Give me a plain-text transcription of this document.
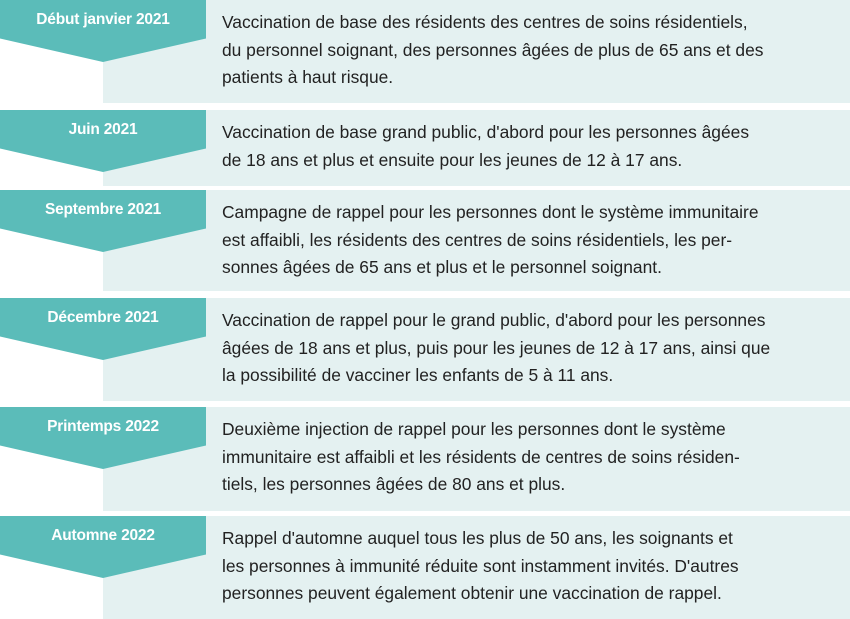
Début janvier 2021	Vaccination de base des résidents des centres de soins résidentiels,
du personnel soignant, des personnes âgées de plus de 65 ans et des
patients à haut risque.

Juin 2021	Vaccination de base grand public, d'abord pour les personnes âgées
de 18 ans et plus et ensuite pour les jeunes de 12 à 17 ans.

Septembre 2021	Campagne de rappel pour les personnes dont le système immunitaire
est affaibli, les résidents des centres de soins résidentiels, les per-
sonnes âgées de 65 ans et plus et le personnel soignant.

Décembre 2021	Vaccination de rappel pour le grand public, d'abord pour les personnes
âgées de 18 ans et plus, puis pour les jeunes de 12 à 17 ans, ainsi que
la possibilité de vacciner les enfants de 5 à 11 ans.

Printemps 2022	Deuxième injection de rappel pour les personnes dont le système
immunitaire est affaibli et les résidents de centres de soins résiden-
tiels, les personnes âgées de 80 ans et plus.

Automne 2022	Rappel d'automne auquel tous les plus de 50 ans, les soignants et
les personnes à immunité réduite sont instamment invités. D'autres
personnes peuvent également obtenir une vaccination de rappel.
